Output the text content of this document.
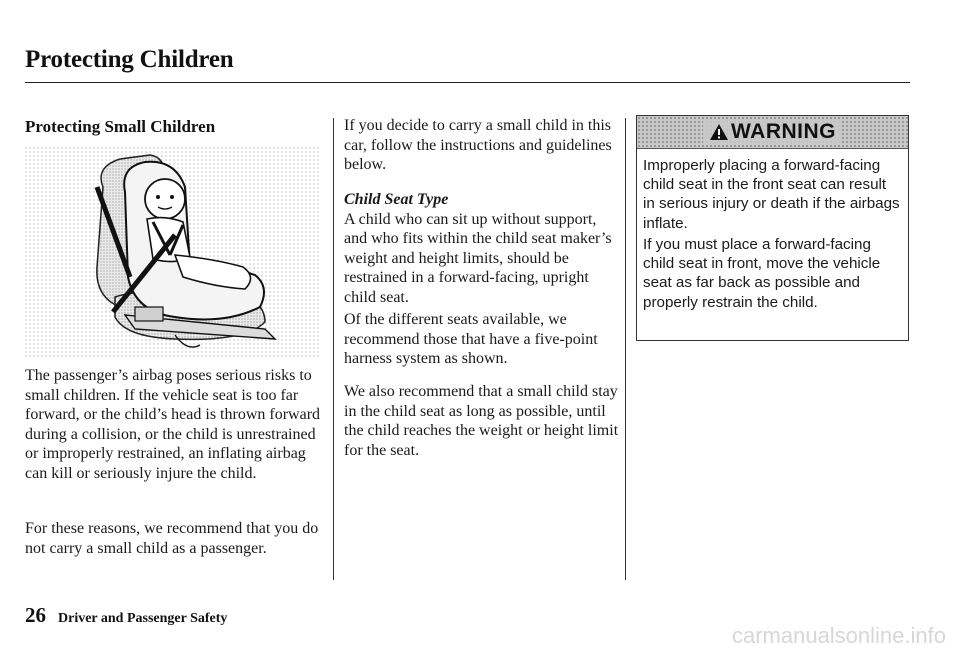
Protecting Children
Protecting Small Children

The passenger’s airbag poses serious risks to small children. If the vehicle seat is too far forward, or the child’s head is thrown forward during a collision, or the child is unrestrained or improperly restrained, an inflating airbag can kill or seriously injure the child.

For these reasons, we recommend that you do not carry a small child as a passenger.

If you decide to carry a small child in this car, follow the instructions and guidelines below.

Child Seat Type
A child who can sit up without support, and who fits within the child seat maker’s weight and height limits, should be restrained in a forward-facing, upright child seat.

Of the different seats available, we recommend those that have a five-point harness system as shown.

We also recommend that a small child stay in the child seat as long as possible, until the child reaches the weight or height limit for the seat.

WARNING

Improperly placing a forward-facing child seat in the front seat can result in serious injury or death if the airbags inflate.

If you must place a forward-facing child seat in front, move the vehicle seat as far back as possible and properly restrain the child.

26 Driver and Passenger Safety
carmanualsonline.info
